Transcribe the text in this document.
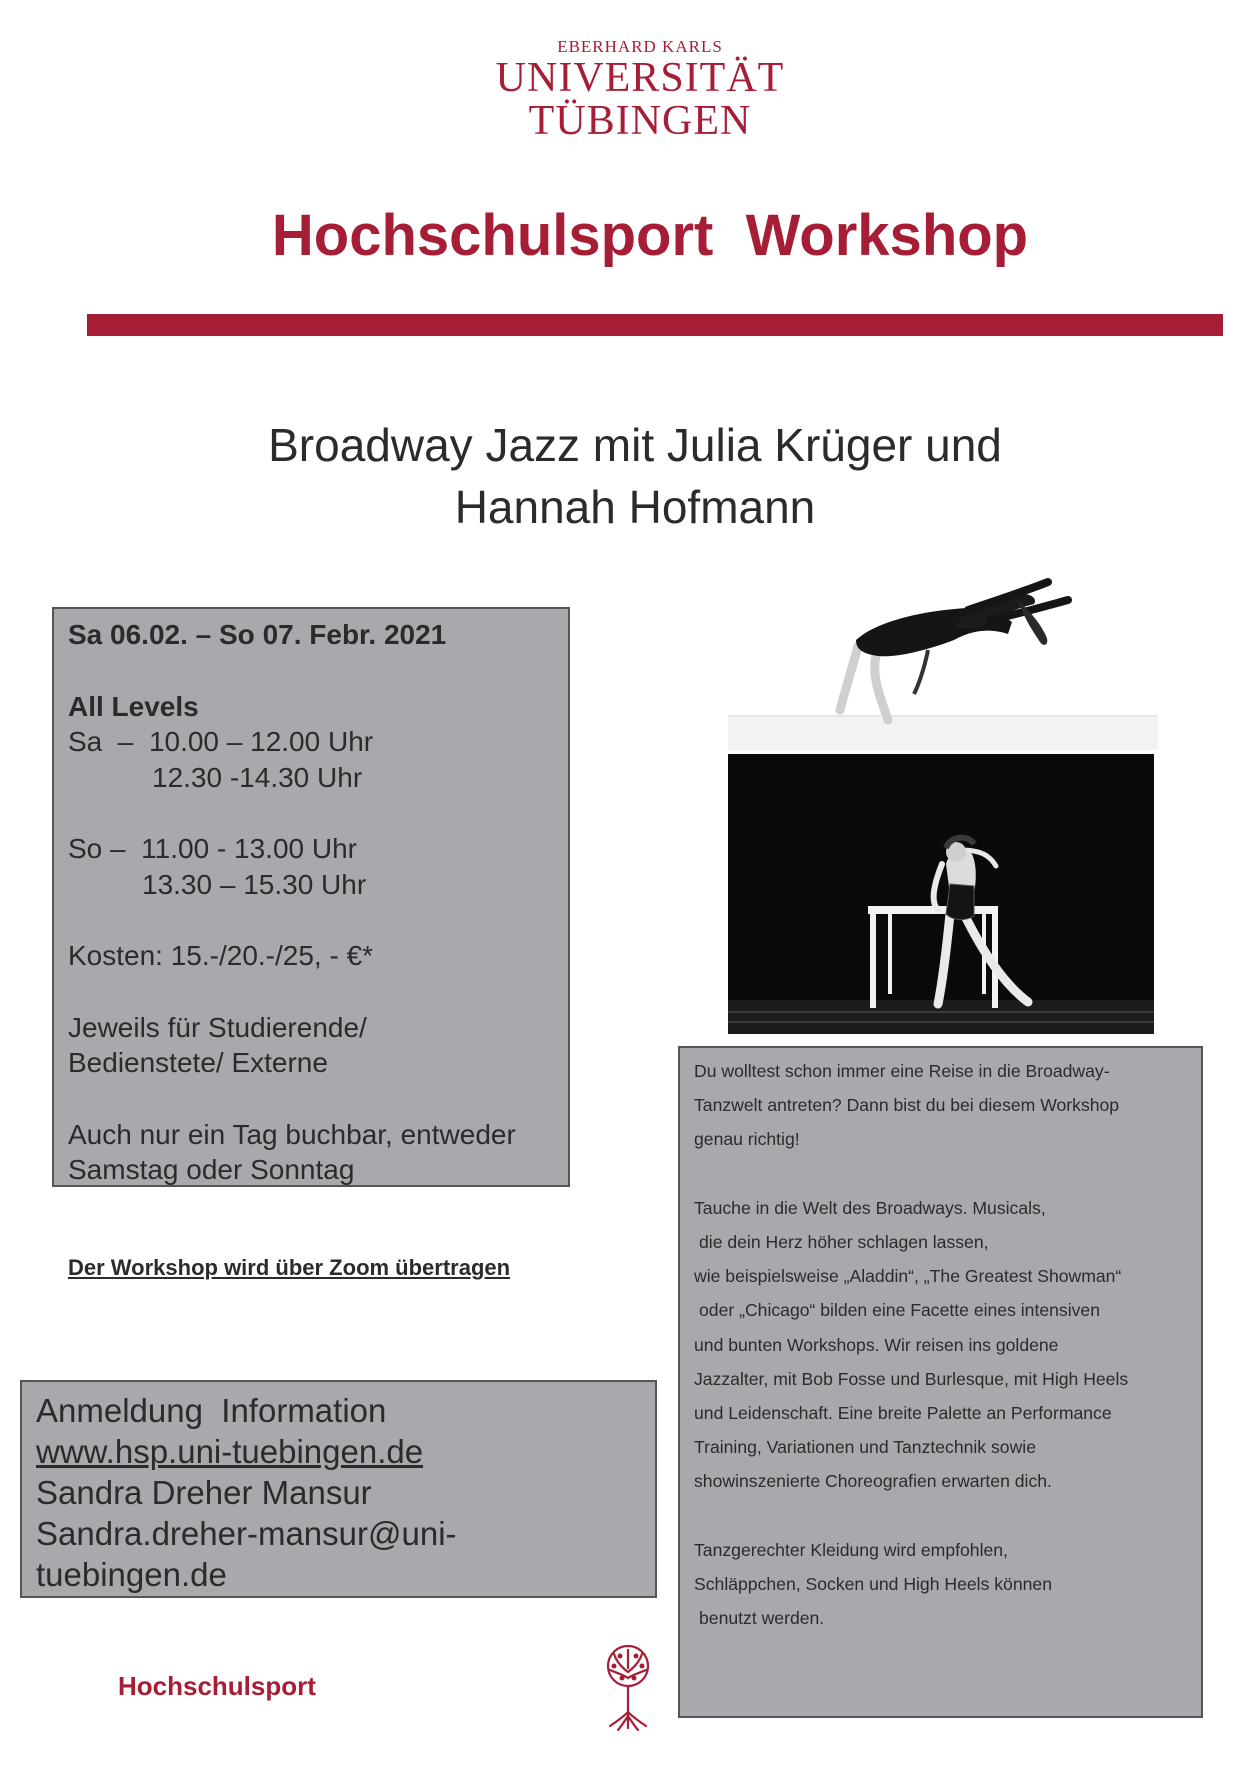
EBERHARD KARLS
UNIVERSITÄT
TÜBINGEN
Hochschulsport  Workshop
Broadway Jazz mit Julia Krüger und
Hannah Hofmann
Sa 06.02. – So 07. Febr. 2021
All Levels
Sa  –  10.00 – 12.00 Uhr
12.30 -14.30 Uhr
So –  11.00 - 13.00 Uhr
13.30 – 15.30 Uhr
Kosten: 15.-/20.-/25, - €*
Jeweils für Studierende/
Bedienstete/ Externe
Auch nur ein Tag buchbar, entweder
Samstag oder Sonntag
Der Workshop wird über Zoom übertragen
Anmeldung  Information
www.hsp.uni-tuebingen.de
Sandra Dreher Mansur
Sandra.dreher-mansur@uni-
tuebingen.de
Hochschulsport
Du wolltest schon immer eine Reise in die Broadway-
Tanzwelt antreten? Dann bist du bei diesem Workshop
genau richtig!
Tauche in die Welt des Broadways. Musicals,
die dein Herz höher schlagen lassen,
wie beispielsweise „Aladdin“, „The Greatest Showman“
oder „Chicago“ bilden eine Facette eines intensiven
und bunten Workshops. Wir reisen ins goldene
Jazzalter, mit Bob Fosse und Burlesque, mit High Heels
und Leidenschaft. Eine breite Palette an Performance
Training, Variationen und Tanztechnik sowie
showinszenierte Choreografien erwarten dich.
Tanzgerechter Kleidung wird empfohlen,
Schläppchen, Socken und High Heels können
benutzt werden.
